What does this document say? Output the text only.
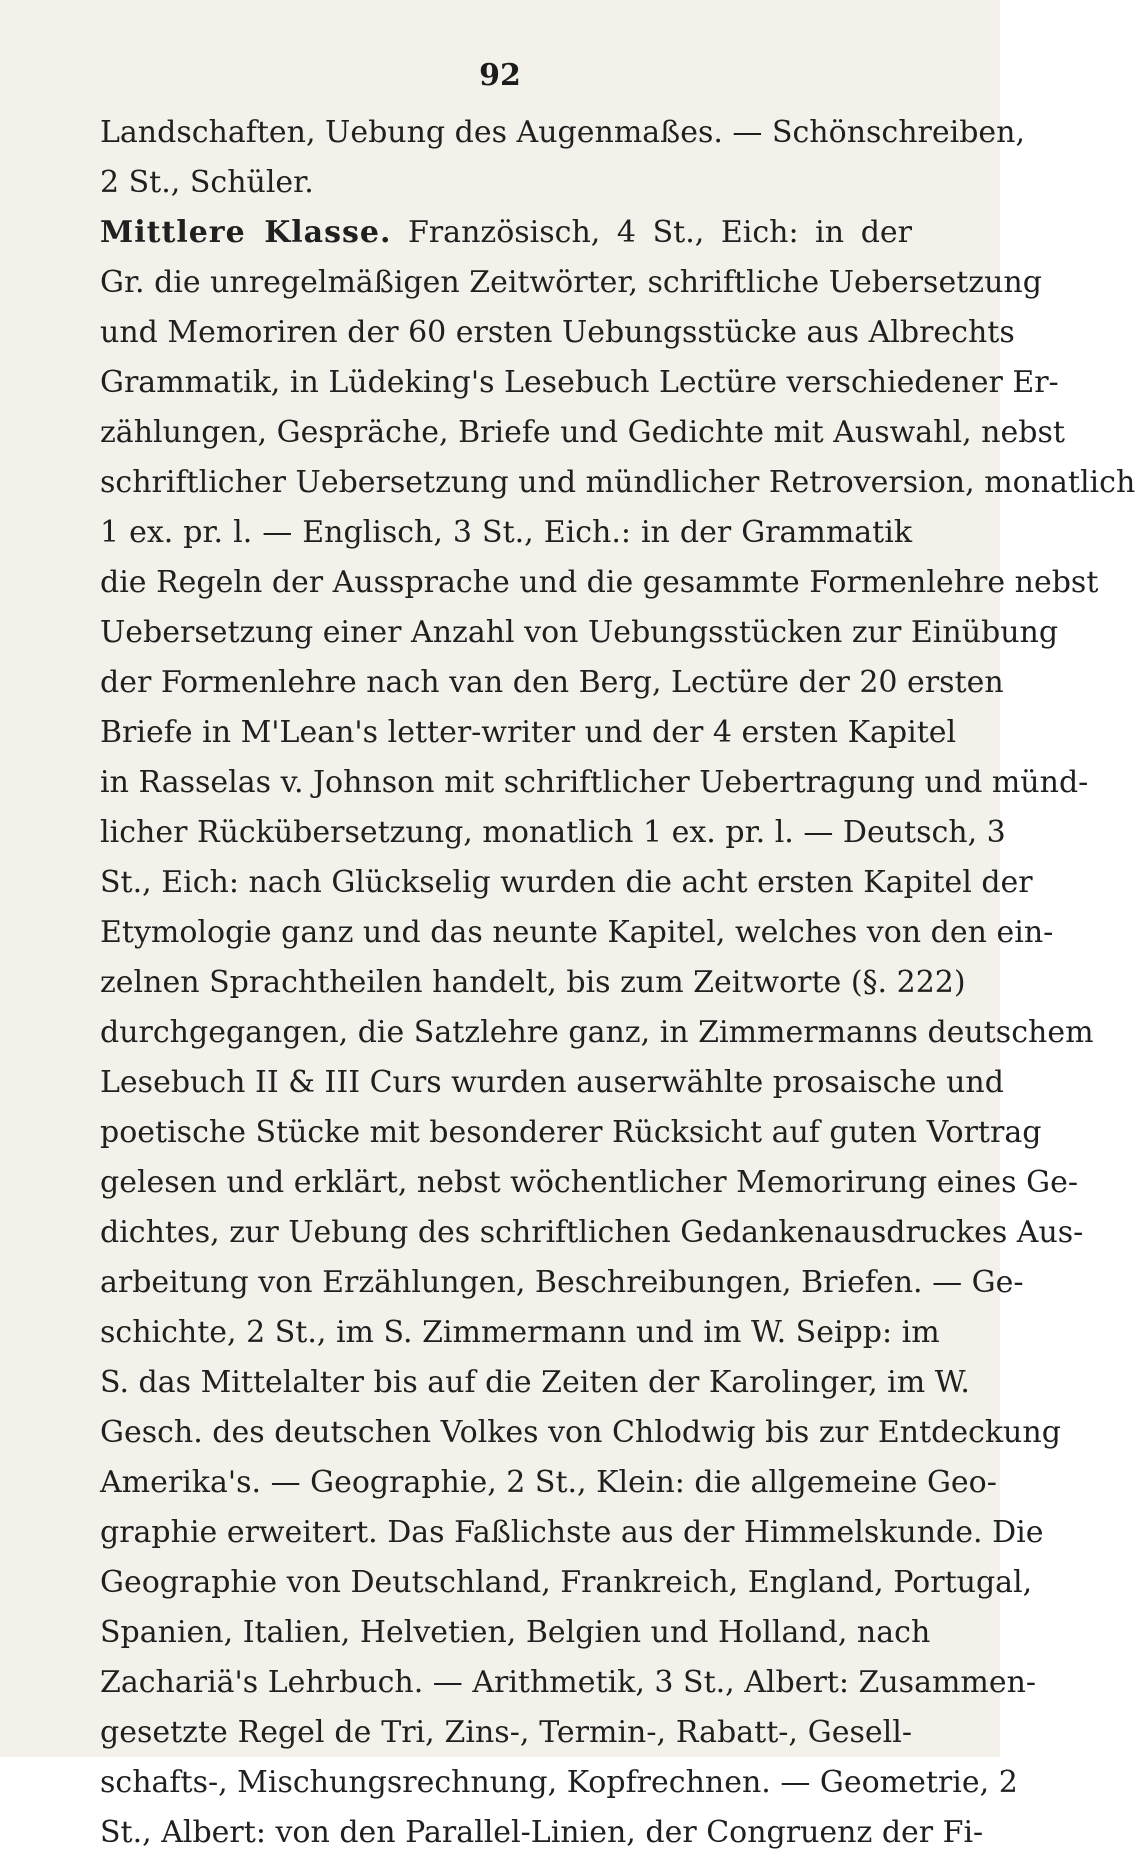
92
Landschaften, Uebung des Augenmaßes. — Schönschreiben,
2 St., Schüler.
Mittlere Klasse. Französisch, 4 St., Eich: in der
Gr. die unregelmäßigen Zeitwörter, schriftliche Uebersetzung
und Memoriren der 60 ersten Uebungsstücke aus Albrechts
Grammatik, in Lüdeking's Lesebuch Lectüre verschiedener Er-
zählungen, Gespräche, Briefe und Gedichte mit Auswahl, nebst
schriftlicher Uebersetzung und mündlicher Retroversion, monatlich
1 ex. pr. l. — Englisch, 3 St., Eich.: in der Grammatik
die Regeln der Aussprache und die gesammte Formenlehre nebst
Uebersetzung einer Anzahl von Uebungsstücken zur Einübung
der Formenlehre nach van den Berg, Lectüre der 20 ersten
Briefe in M'Lean's letter-writer und der 4 ersten Kapitel
in Rasselas v. Johnson mit schriftlicher Uebertragung und münd-
licher Rückübersetzung, monatlich 1 ex. pr. l. — Deutsch, 3
St., Eich: nach Glückselig wurden die acht ersten Kapitel der
Etymologie ganz und das neunte Kapitel, welches von den ein-
zelnen Sprachtheilen handelt, bis zum Zeitworte (§. 222)
durchgegangen, die Satzlehre ganz, in Zimmermanns deutschem
Lesebuch II & III Curs wurden auserwählte prosaische und
poetische Stücke mit besonderer Rücksicht auf guten Vortrag
gelesen und erklärt, nebst wöchentlicher Memorirung eines Ge-
dichtes, zur Uebung des schriftlichen Gedankenausdruckes Aus-
arbeitung von Erzählungen, Beschreibungen, Briefen. — Ge-
schichte, 2 St., im S. Zimmermann und im W. Seipp: im
S. das Mittelalter bis auf die Zeiten der Karolinger, im W.
Gesch. des deutschen Volkes von Chlodwig bis zur Entdeckung
Amerika's. — Geographie, 2 St., Klein: die allgemeine Geo-
graphie erweitert. Das Faßlichste aus der Himmelskunde. Die
Geographie von Deutschland, Frankreich, England, Portugal,
Spanien, Italien, Helvetien, Belgien und Holland, nach
Zachariä's Lehrbuch. — Arithmetik, 3 St., Albert: Zusammen-
gesetzte Regel de Tri, Zins-, Termin-, Rabatt-, Gesell-
schafts-, Mischungsrechnung, Kopfrechnen. — Geometrie, 2
St., Albert: von den Parallel-Linien, der Congruenz der Fi-
